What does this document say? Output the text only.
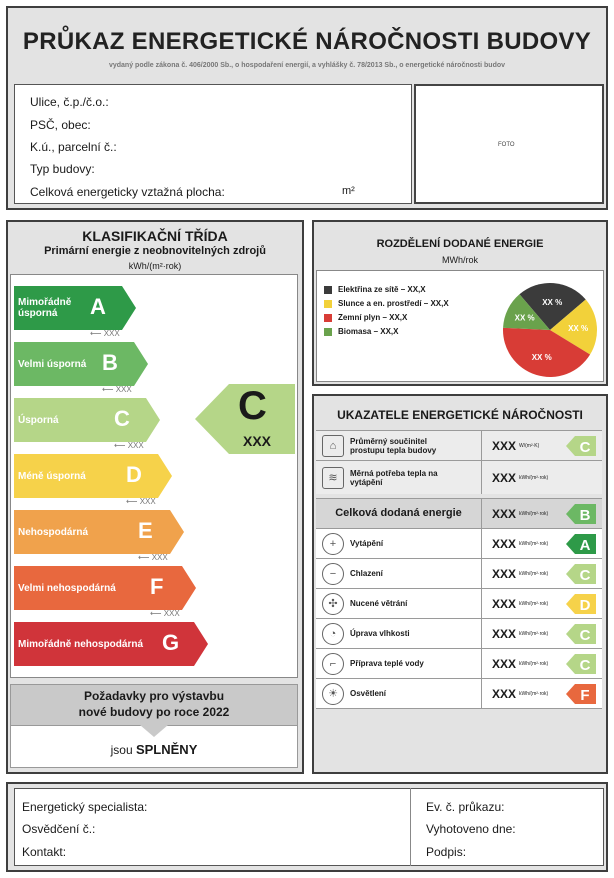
PRŮKAZ ENERGETICKÉ NÁROČNOSTI BUDOVY
vydaný podle zákona č. 406/2000 Sb., o hospodaření energií, a vyhlášky č. 78/2013 Sb., o energetické náročnosti budov
Ulice, č.p./č.o.:
PSČ, obec:
K.ú., parcelní č.:
Typ budovy:
Celková energeticky vztažná plocha:	m²
FOTO
KLASIFIKAČNÍ TŘÍDA
Primární energie z neobnovitelných zdrojů
kWh/(m²·rok)
Mimořádně úsporná	A
⟵ XXX
Velmi úsporná B
⟵ XXX
Úsporná	C
⟵ XXX
Méně úsporná	D
⟵ XXX
Nehospodárná	E
⟵ XXX
Velmi nehospodárná	F
⟵ XXX
Mimořádně nehospodárná G
C
XXX
Požadavky pro výstavbu
nové budovy po roce 2022
jsou SPLNĚNY
ROZDĚLENÍ DODANÉ ENERGIE
MWh/rok
Elektřina ze sítě – XX,X
Slunce a en. prostředí – XX,X
Zemní plyn – XX,X
Biomasa – XX,X
XX %
XX %
XX %
XX %
UKAZATELE ENERGETICKÉ NÁROČNOSTI
⌂	Průměrný součinitel prostupu tepla budovy	XXX W/(m²·K)	C
≋	Měrná potřeba tepla na vytápění	XXX kWh/(m²·rok)
Celková dodaná energie	XXX kWh/(m²·rok) B
+	Vytápění	XXX kWh/(m²·rok) A
−	Chlazení	XXX kWh/(m²·rok) C
✣	Nucené větrání	XXX kWh/(m²·rok) D
◔	Úprava vlhkosti	XXX kWh/(m²·rok) C
⌐	Příprava teplé vody	XXX kWh/(m²·rok) C
☀	Osvětlení	XXX kWh/(m²·rok) F
Energetický specialista:
Osvědčení č.:
Kontakt:
Ev. č. průkazu:
Vyhotoveno dne:
Podpis:
